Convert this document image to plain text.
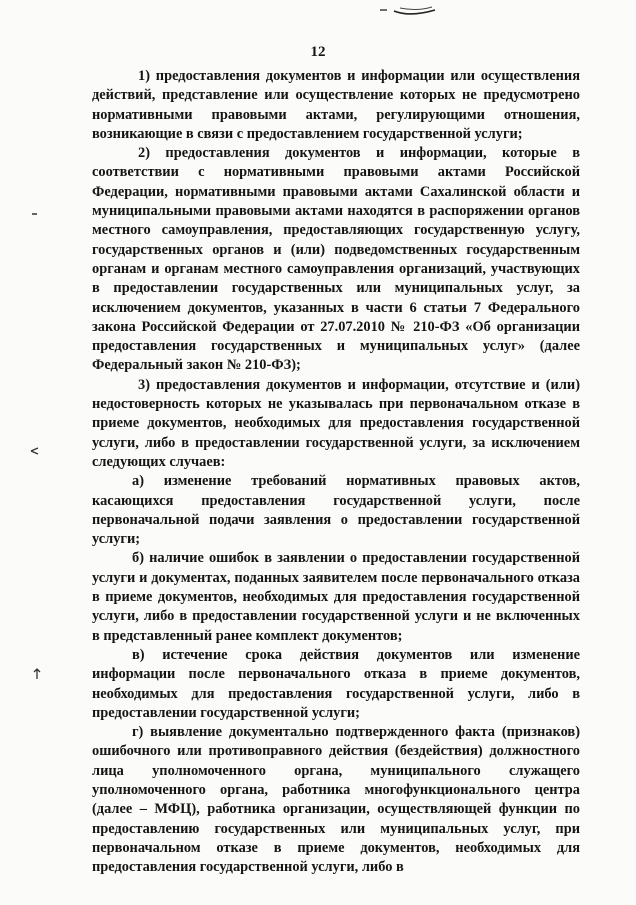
12

1) предоставления документов и информации или осуществления действий, представление или осуществление которых не предусмотрено нормативными правовыми актами, регулирующими отношения, возникающие в связи с предоставлением государственной услуги;

2) предоставления документов и информации, которые в соответствии с нормативными правовыми актами Российской Федерации, нормативными правовыми актами Сахалинской области и муниципальными правовыми актами находятся в распоряжении органов местного самоуправления, предоставляющих государственную услугу, государственных органов и (или) подведомственных государственным органам и органам местного самоуправления организаций, участвующих в предоставлении государственных или муниципальных услуг, за исключением документов, указанных в части 6 статьи 7 Федерального закона Российской Федерации от 27.07.2010 № 210-ФЗ «Об организации предоставления государственных и муниципальных услуг» (далее Федеральный закон № 210-ФЗ);

3) предоставления документов и информации, отсутствие и (или) недостоверность которых не указывалась при первоначальном отказе в приеме документов, необходимых для предоставления государственной услуги, либо в предоставлении государственной услуги, за исключением следующих случаев:

а) изменение требований нормативных правовых актов, касающихся предоставления государственной услуги, после первоначальной подачи заявления о предоставлении государственной услуги;

б) наличие ошибок в заявлении о предоставлении государственной услуги и документах, поданных заявителем после первоначального отказа в приеме документов, необходимых для предоставления государственной услуги, либо в предоставлении государственной услуги и не включенных в представленный ранее комплект документов;

в) истечение срока действия документов или изменение информации после первоначального отказа в приеме документов, необходимых для предоставления государственной услуги, либо в предоставлении государственной услуги;

г) выявление документально подтвержденного факта (признаков) ошибочного или противоправного действия (бездействия) должностного лица уполномоченного органа, муниципального служащего уполномоченного органа, работника многофункционального центра (далее – МФЦ), работника организации, осуществляющей функции по предоставлению государственных или муниципальных услуг, при первоначальном отказе в приеме документов, необходимых для предоставления государственной услуги, либо в
